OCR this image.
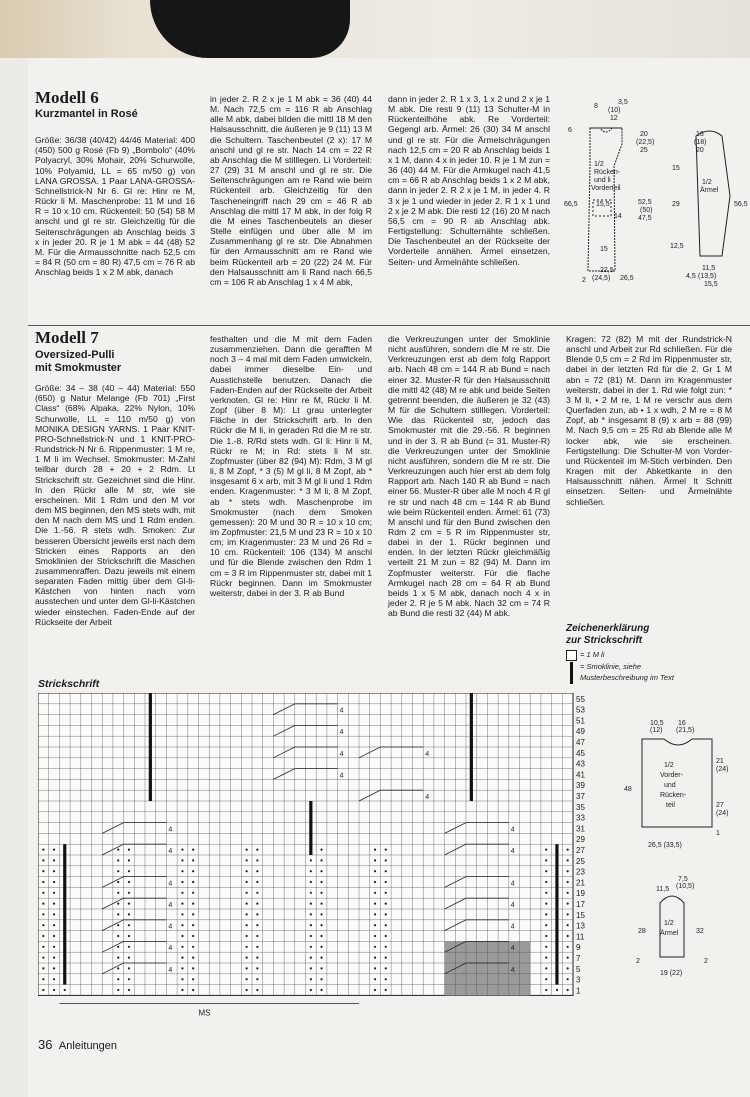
Modell 6
Kurzmantel in Rosé

Größe: 36/38 (40/42) 44/46 Material: 400 (450) 500 g Rosé (Fb 9) „Bombolo“ (40% Polyacryl, 30% Mohair, 20% Schurwolle, 10% Polyamid, LL = 65 m/50 g) von LANA GROSSA. 1 Paar LANA-GROSSA-Schnellstrick-N Nr 6. Gl re: Hinr re M, Rückr li M. Maschenprobe: 11 M und 16 R = 10 x 10 cm. Rückenteil: 50 (54) 58 M anschl und gl re str. Gleichzeitig für die Seitenschrägungen ab Anschlag beids 3 x in jeder 20. R je 1 M abk = 44 (48) 52 M. Für die Armausschnitte nach 52,5 cm = 84 R (50 cm = 80 R) 47,5 cm = 76 R ab Anschlag beids 1 x 2 M abk, danach

in jeder 2. R 2 x je 1 M abk = 36 (40) 44 M. Nach 72,5 cm = 116 R ab Anschlag alle M abk, dabei bilden die mittl 18 M den Halsausschnitt, die äußeren je 9 (11) 13 M die Schultern. Taschenbeutel (2 x): 17 M anschl und gl re str. Nach 14 cm = 22 R ab Anschlag die M stilllegen. Li Vorderteil: 27 (29) 31 M anschl und gl re str. Die Seitenschrägungen am re Rand wie beim Rückenteil arb. Gleichzeitig für den Tascheneingriff nach 29 cm = 46 R ab Anschlag die mittl 17 M abk, in der folg R die M eines Taschenbeutels an dieser Stelle einfügen und über alle M im Zusammenhang gl re str. Die Abnahmen für den Armausschnitt am re Rand wie beim Rückenteil arb = 20 (22) 24 M. Für den Halsausschnitt am li Rand nach 66,5 cm = 106 R ab Anschlag 1 x 4 M abk,

dann in jeder 2. R 1 x 3, 1 x 2 und 2 x je 1 M abk. Die resti 9 (11) 13 Schulter-M in Rückenteilhöhe abk. Re Vorderteil: Gegengl arb. Ärmel: 26 (30) 34 M anschl und gl re str. Für die Ärmelschrägungen nach 12,5 cm = 20 R ab Anschlag beids 1 x 1 M, dann 4 x in jeder 10. R je 1 M zun = 36 (40) 44 M. Für die Armkugel nach 41,5 cm = 66 R ab Anschlag beids 1 x 2 M abk, dann in jeder 2. R 2 x je 1 M, in jeder 4. R 3 x je 1 und wieder in jeder 2. R 1 x 1 und 2 x je 2 M abk. Die resti 12 (16) 20 M nach 56,5 cm = 90 R ab Anschlag abk. Fertigstellung: Schulternähte schließen. Die Taschenbeutel an der Rückseite der Vorderteile annähen. Ärmel einsetzen, Seiten- und Ärmelnähte schließen.

1/2
Rücken-
und li
Vorderteil
1/2
Ärmel
8
3,5
(10)
12
6
20
(22,5)
25
66,5	15,5	52,5
(50)
47,5
15
14
22,5
(24,5) 26,5
2
16
(18)
20
15
29	56,5
12,5
4,5
11,5
(13,5)
15,5
Modell 7
Oversized-Pulli
mit Smokmuster

Größe: 34 – 38 (40 – 44) Material: 550 (650) g Natur Melange (Fb 701) „First Class“ (68% Alpaka, 22% Nylon, 10% Schurwolle, LL = 110 m/50 g) von MONIKA DESIGN YARNS. 1 Paar KNIT-PRO-Schnellstrick-N und 1 KNIT-PRO-Rundstrick-N Nr 6. Rippenmuster: 1 M re, 1 M li im Wechsel. Smokmuster: M-Zahl teilbar durch 28 + 20 + 2 Rdm. Lt Strickschrift str. Gezeichnet sind die Hinr. In den Rückr alle M str, wie sie erscheinen. Mit 1 Rdm und den M vor dem MS beginnen, den MS stets wdh, mit den M nach dem MS und 1 Rdm enden. Die 1.-56. R stets wdh. Smoken: Zur besseren Übersicht jeweils erst nach dem Stricken eines Rapports an den Smoklinien der Strickschrift die Maschen zusammenraffen. Dazu jeweils mit einem separaten Faden mittig über dem Gl-li-Kästchen von hinten nach vorn ausstechen und unter dem Gl-li-Kästchen wieder einstechen. Faden-Ende auf der Rückseite der Arbeit

festhalten und die M mit dem Faden zusammenziehen. Dann die gerafften M noch 3 – 4 mal mit dem Faden umwickeln, dabei immer dieselbe Ein- und Ausstichstelle benutzen. Danach die Faden-Enden auf der Rückseite der Arbeit verknoten. Gl re: Hinr re M, Rückr li M. Zopf (über 8 M): Lt grau unterlegter Fläche in der Strickschrift arb. In den Rückr die M li, in geraden Rd die M re str. Die 1.-8. R/Rd stets wdh. Gl li: Hinr li M, Rückr re M; in Rd: stets li M str. Zopfmuster (über 82 (94) M): Rdm, 3 M gl li, 8 M Zopf, * 3 (5) M gl li, 8 M Zopf, ab * insgesamt 6 x arb, mit 3 M gl li und 1 Rdm enden. Kragenmuster: * 3 M li, 8 M Zopf, ab * stets wdh. Maschenprobe im Smokmuster (nach dem Smoken gemessen): 20 M und 30 R = 10 x 10 cm; im Zopfmuster: 21,5 M und 23 R = 10 x 10 cm; im Kragenmuster: 23 M und 26 Rd = 10 cm. Rückenteil: 106 (134) M anschl und für die Blende zwischen den Rdm 1 cm = 3 R im Rippenmuster str, dabei mit 1 Rückr beginnen. Dann im Smokmuster weiterstr, dabei in der 3. R ab Bund

die Verkreuzungen unter der Smoklinie nicht ausführen, sondern die M re str. Die Verkreuzungen erst ab dem folg Rapport arb. Nach 48 cm = 144 R ab Bund = nach einer 32. Muster-R für den Halsausschnitt die mittl 42 (48) M re abk und beide Seiten getrennt beenden, die äußeren je 32 (43) M für die Schultern stilllegen. Vorderteil: Wie das Rückenteil str, jedoch das Smokmuster mit die 29.-56. R beginnen und in der 3. R ab Bund (= 31. Muster-R) die Verkreuzungen unter der Smoklinie nicht ausführen, sondern die M re str. Die Verkreuzungen auch hier erst ab dem folg Rapport arb. Nach 140 R ab Bund = nach einer 56. Muster-R über alle M noch 4 R gl re str und nach 48 cm = 144 R ab Bund wie beim Rückenteil enden. Ärmel: 61 (73) M anschl und für den Bund zwischen den Rdm 2 cm = 5 R im Rippenmuster str, dabei in der 1. Rückr beginnen und enden. In der letzten Rückr gleichmäßig verteilt 21 M zun = 82 (94) M. Dann im Zopfmuster weiterstr. Für die flache Armkugel nach 28 cm = 64 R ab Bund beids 1 x 5 M abk, danach noch 4 x in jeder 2. R je 5 M abk. Nach 32 cm = 74 R ab Bund die resti 32 (44) M abk.

Kragen: 72 (82) M mit der Rundstrick-N anschl und Arbeit zur Rd schließen. Für die Blende 0,5 cm = 2 Rd im Rippenmuster str, dabei in der letzten Rd für die 2. Gr 1 M abn = 72 (81) M. Dann im Kragenmuster weiterstr, dabei in der 1. Rd wie folgt zun: * 3 M li, • 2 M re, 1 M re verschr aus dem Querfaden zun, ab • 1 x wdh, 2 M re = 8 M Zopf, ab * insgesamt 8 (9) x arb = 88 (99) M. Nach 9,5 cm = 25 Rd ab Blende alle M locker abk, wie sie erscheinen. Fertigstellung: Die Schulter-M von Vorder- und Rückenteil im M-Stich verbinden. Den Kragen mit der Abkettkante in den Halsausschnitt nähen. Ärmel lt Schnitt einsetzen. Seiten- und Ärmelnähte schließen.

Zeichenerklärung
zur Strickschrift
= 1 M li
= Smoklinie, siehe
Musterbeschreibung im Text
Strickschrift
4
4
4
4
4
4
4
4
4
4
4
4
4
4
4
4
4
4
4
4
55
53
51
49
47
45
43
41
39
37
35
33
31
29
27
25
23
21
19
17
15
13
11
9
7
5
3
1
MS
10,5
(12)
16
(21,5)
1/2
Vorder-
und
Rücken-
teil
48
21
(24)
27
(24)
1
26,5 (33,5)
11,5
7,5
(10,5)
28	32
1/2
Ärmel
2	2
19 (22)
36 Anleitungen
